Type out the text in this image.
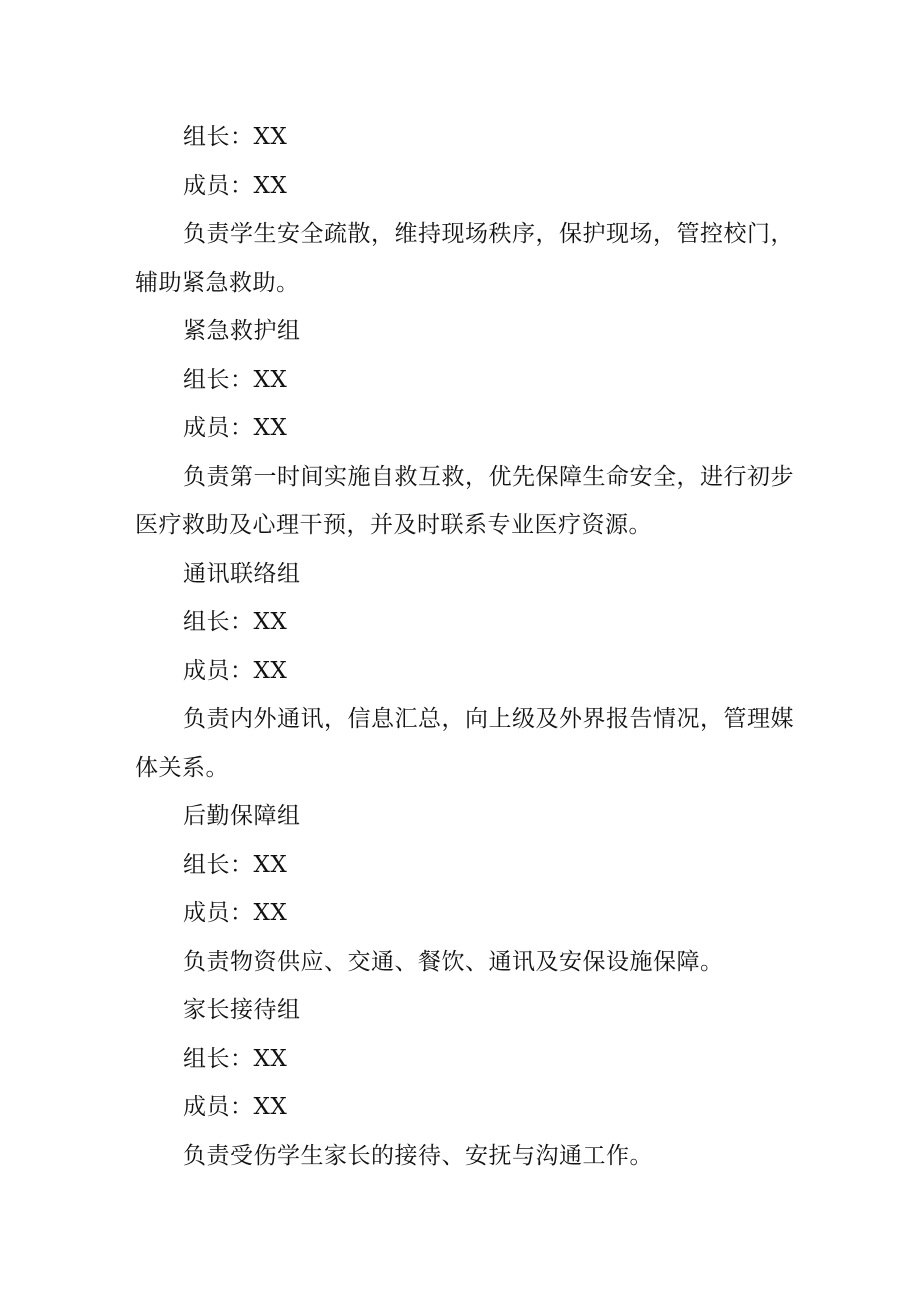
组长：XX
成员：XX
负责学生安全疏散，维持现场秩序，保护现场，管控校门，
辅助紧急救助。
紧急救护组
组长：XX
成员：XX
负责第一时间实施自救互救，优先保障生命安全，进行初步
医疗救助及心理干预，并及时联系专业医疗资源。
通讯联络组
组长：XX
成员：XX
负责内外通讯，信息汇总，向上级及外界报告情况，管理媒
体关系。
后勤保障组
组长：XX
成员：XX
负责物资供应、交通、餐饮、通讯及安保设施保障。
家长接待组
组长：XX
成员：XX
负责受伤学生家长的接待、安抚与沟通工作。
